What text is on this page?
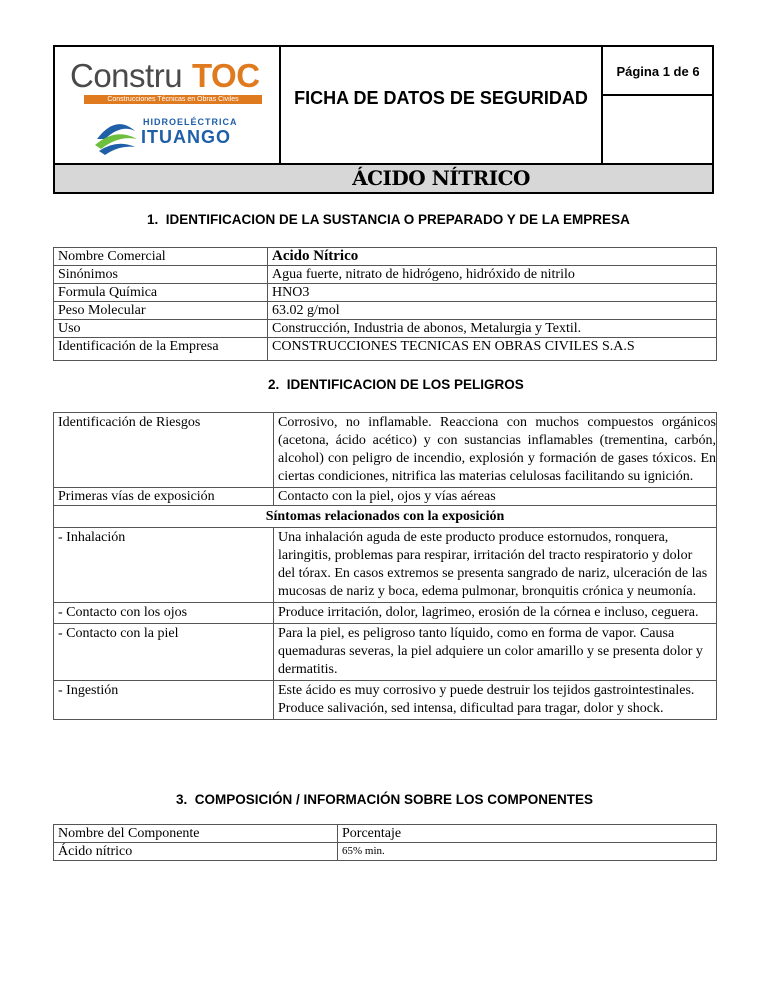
Constru TOC
Construcciones Técnicas en Obras Civiles
HIDROELÉCTRICA
ITUANGO
FICHA DE DATOS DE SEGURIDAD
Página 1 de 6
ÁCIDO NÍTRICO
1. IDENTIFICACION DE LA SUSTANCIA O PREPARADO Y DE LA EMPRESA
Nombre Comercial	Acido Nítrico
Sinónimos	Agua fuerte, nitrato de hidrógeno, hidróxido de nitrilo
Formula Química	HNO3
Peso Molecular	63.02 g/mol
Uso	Construcción, Industria de abonos, Metalurgia y Textil.
Identificación de la Empresa	CONSTRUCCIONES TECNICAS EN OBRAS CIVILES S.A.S
2. IDENTIFICACION DE LOS PELIGROS
Identificación de Riesgos	Corrosivo, no inflamable. Reacciona con muchos compuestos orgánicos (acetona, ácido acético) y con sustancias inflamables (trementina, carbón, alcohol) con peligro de incendio, explosión y formación de gases tóxicos. En ciertas condiciones, nitrifica las materias celulosas facilitando su ignición.
Primeras vías de exposición	Contacto con la piel, ojos y vías aéreas
Síntomas relacionados con la exposición	
- Inhalación	Una inhalación aguda de este producto produce estornudos, ronquera, laringitis, problemas para respirar, irritación del tracto respiratorio y dolor del tórax. En casos extremos se presenta sangrado de nariz, ulceración de las mucosas de nariz y boca, edema pulmonar, bronquitis crónica y neumonía.
- Contacto con los ojos	Produce irritación, dolor, lagrimeo, erosión de la córnea e incluso, ceguera.
- Contacto con la piel	Para la piel, es peligroso tanto líquido, como en forma de vapor. Causa quemaduras severas, la piel adquiere un color amarillo y se presenta dolor y dermatitis.
- Ingestión	Este ácido es muy corrosivo y puede destruir los tejidos gastrointestinales. Produce salivación, sed intensa, dificultad para tragar, dolor y shock.
3. COMPOSICIÓN / INFORMACIÓN SOBRE LOS COMPONENTES
Nombre del Componente	Porcentaje
Ácido nítrico	65% min.
